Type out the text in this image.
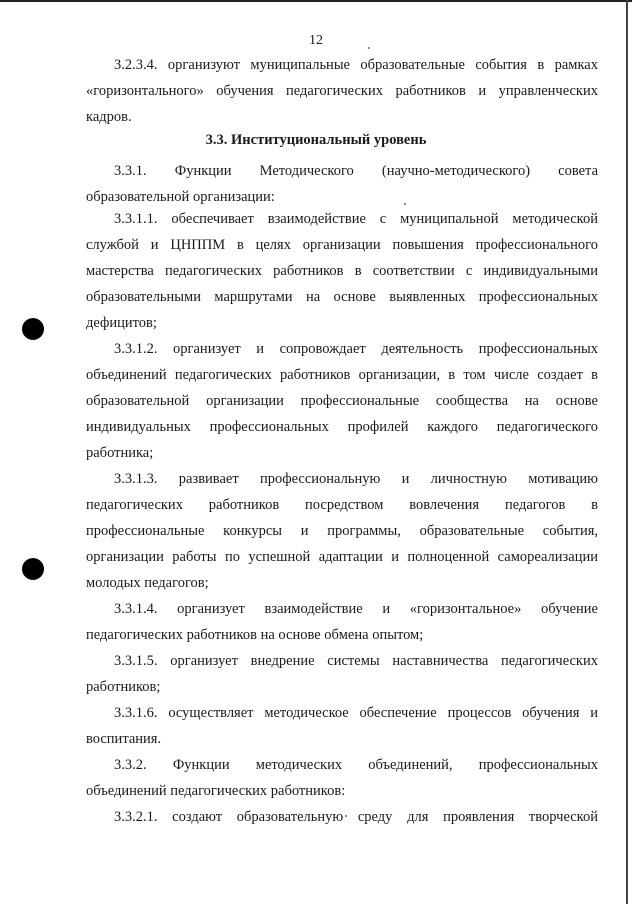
12
3.3. Институциональный уровень
3.2.3.4. организуют муниципальные образовательные события в рамках
«горизонтального» обучения педагогических работников и управленческих
кадров.
3.3.1. Функции Методического (научно-методического) совета
образовательной организации:
3.3.1.1. обеспечивает взаимодействие с муниципальной методической
службой и ЦНППМ в целях организации повышения профессионального
мастерства педагогических работников в соответствии с индивидуальными
образовательными маршрутами на основе выявленных профессиональных
дефицитов;
3.3.1.2. организует и сопровождает деятельность профессиональных
объединений педагогических работников организации, в том числе создает в
образовательной организации профессиональные сообщества на основе
индивидуальных профессиональных профилей каждого педагогического
работника;
3.3.1.3. развивает профессиональную и личностную мотивацию
педагогических работников посредством вовлечения педагогов в
профессиональные конкурсы и программы, образовательные события,
организации работы по успешной адаптации и полноценной самореализации
молодых педагогов;
3.3.1.4. организует взаимодействие и «горизонтальное» обучение
педагогических работников на основе обмена опытом;
3.3.1.5. организует внедрение системы наставничества педагогических
работников;
3.3.1.6. осуществляет методическое обеспечение процессов обучения и
воспитания.
3.3.2. Функции методических объединений, профессиональных
объединений педагогических работников:
3.3.2.1. создают образовательную среду для проявления творческой
